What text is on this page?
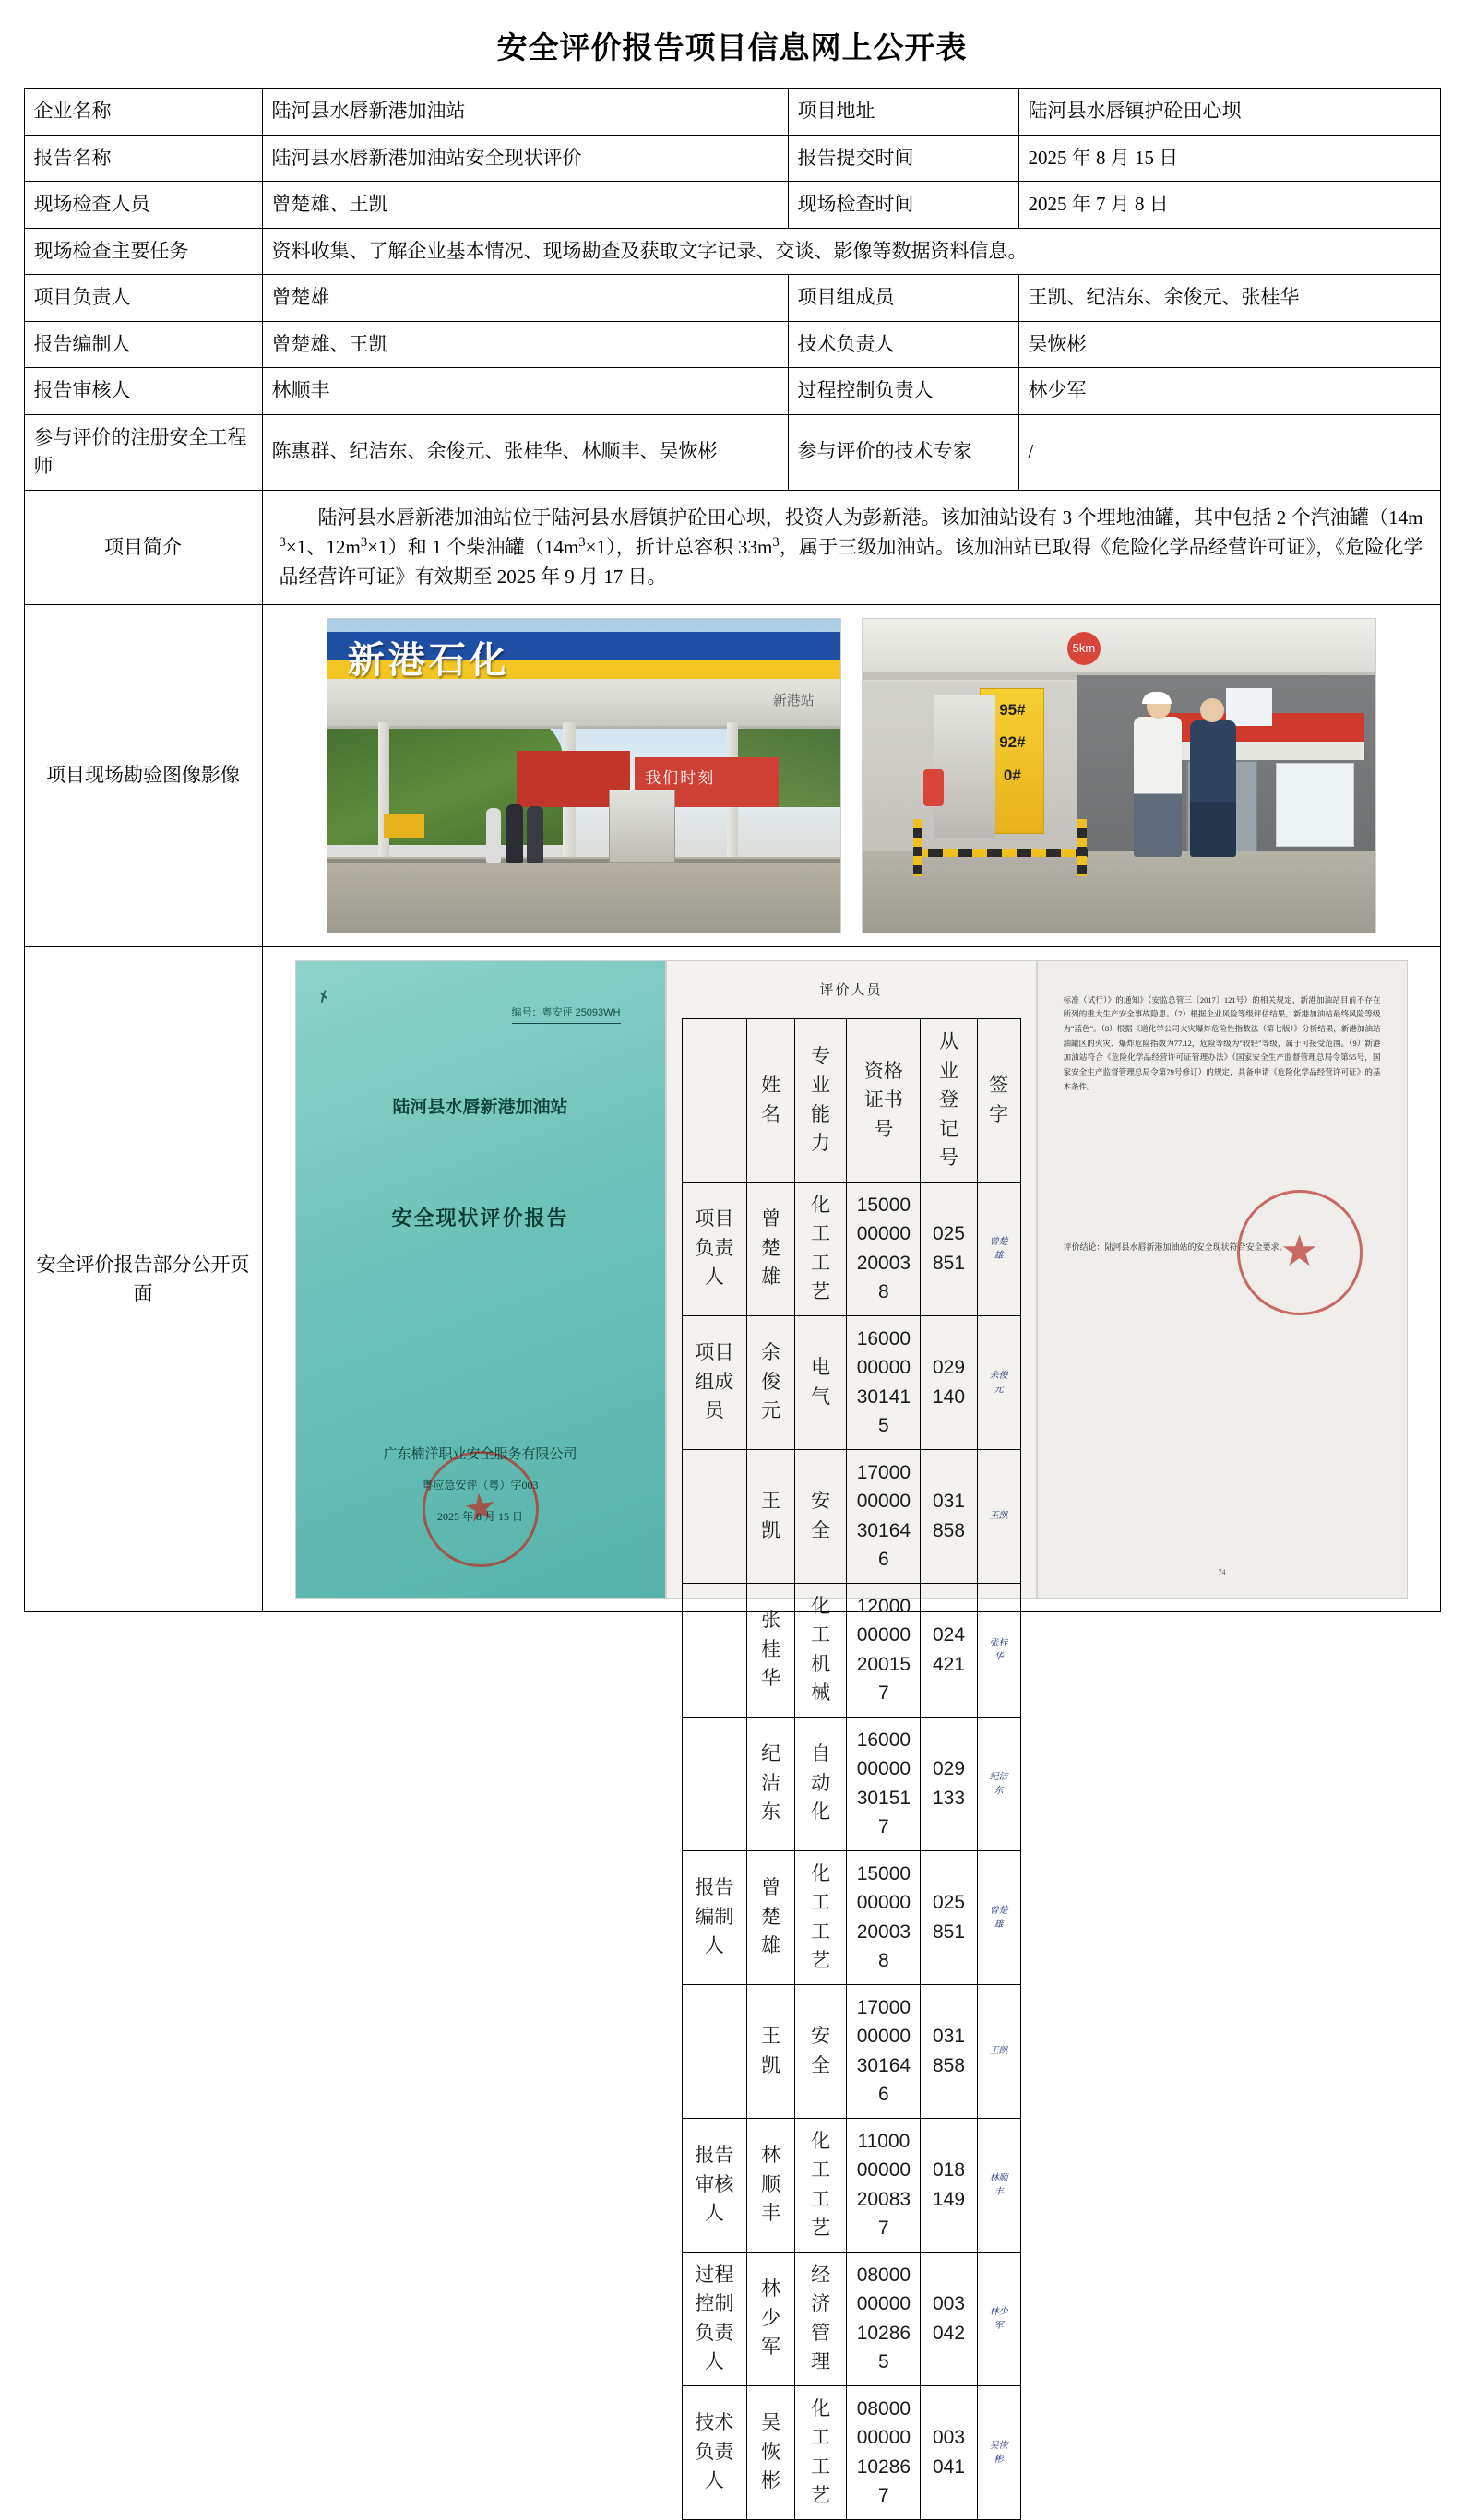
安全评价报告项目信息网上公开表
企业名称	陆河县水唇新港加油站	项目地址	陆河县水唇镇护砼田心坝
报告名称	陆河县水唇新港加油站安全现状评价	报告提交时间	2025 年 8 月 15 日
现场检查人员	曾楚雄、王凯	现场检查时间	2025 年 7 月 8 日
现场检查主要任务	资料收集、了解企业基本情况、现场勘查及获取文字记录、交谈、影像等数据资料信息。
项目负责人	曾楚雄	项目组成员	王凯、纪洁东、余俊元、张桂华
报告编制人	曾楚雄、王凯	技术负责人	吴恢彬
报告审核人	林顺丰	过程控制负责人	林少军
参与评价的注册安全工程师	陈惠群、纪洁东、余俊元、张桂华、林顺丰、吴恢彬	参与评价的技术专家	/
项目简介	陆河县水唇新港加油站位于陆河县水唇镇护砼田心坝，投资人为彭新港。该加油站设有 3 个埋地油罐，其中包括 2 个汽油罐（$14m^3\times 1$、$12m^3\times 1$）和 1 个柴油罐$(14m^3\times 1)$，折计总容积 $33m^3$，属于三级加油站。该加油站已取得《危险化学品经营许可证》，《危险化学品经营许可证》有效期至 2025 年 9 月 17 日。
项目现场勘验图像影像	
新港石化
新港站
我们时刻
5km
95#
92#
0#

安全评价报告部分公开页面	
✗
编号：粤安评 25093WH
陆河县水唇新港加油站
安全现状评价报告
★
广东楠洋职业安全服务有限公司
粤应急安评（粤）字003
2025 年 8 月 15 日
评价人员
	姓名	专业能力	资格证书号	从业登记号	签字
项目负责人	曾楚雄	化工工艺	1500000000200038	025851	曾楚雄
项目组成员	余俊元	电气	1600000000301415	029140	余俊元
	王 凯	安全	1700000000301646	031858	王凯
	张桂华	化工机械	1200000000200157	024421	张桂华
	纪洁东	自动化	1600000000301517	029133	纪洁东
报告编制人	曾楚雄	化工工艺	1500000000200038	025851	曾楚雄
	王 凯	安全	1700000000301646	031858	王凯
报告审核人	林顺丰	化工工艺	1100000000200837	018149	林顺丰
过程控制负责人	林少军	经济管理	0800000000102865	003042	林少军
技术负责人	吴恢彬	化工工艺	0800000000102867	003041	吴恢彬
标准（试行）》的通知》（安监总管三〔2017〕121号）的相关规定，新港加油站目前不存在所列的重大生产安全事故隐患。（7）根据企业风险等级评估结果，新港加油站最终风险等级为"蓝色"。（8）根据《道化学公司火灾爆炸危险性指数法（第七版）》分析结果，新港加油站油罐区的火灾、爆炸危险指数为77.12，危险等级为"较轻"等级，属于可接受范围。（9）新港加油站符合《危险化学品经营许可证管理办法》（国家安全生产监督管理总局令第55号，国家安全生产监督管理总局令第79号修订）的规定，具备申请《危险化学品经营许可证》的基本条件。
评价结论：陆河县水唇新港加油站的安全现状符合安全要求。
★
74
